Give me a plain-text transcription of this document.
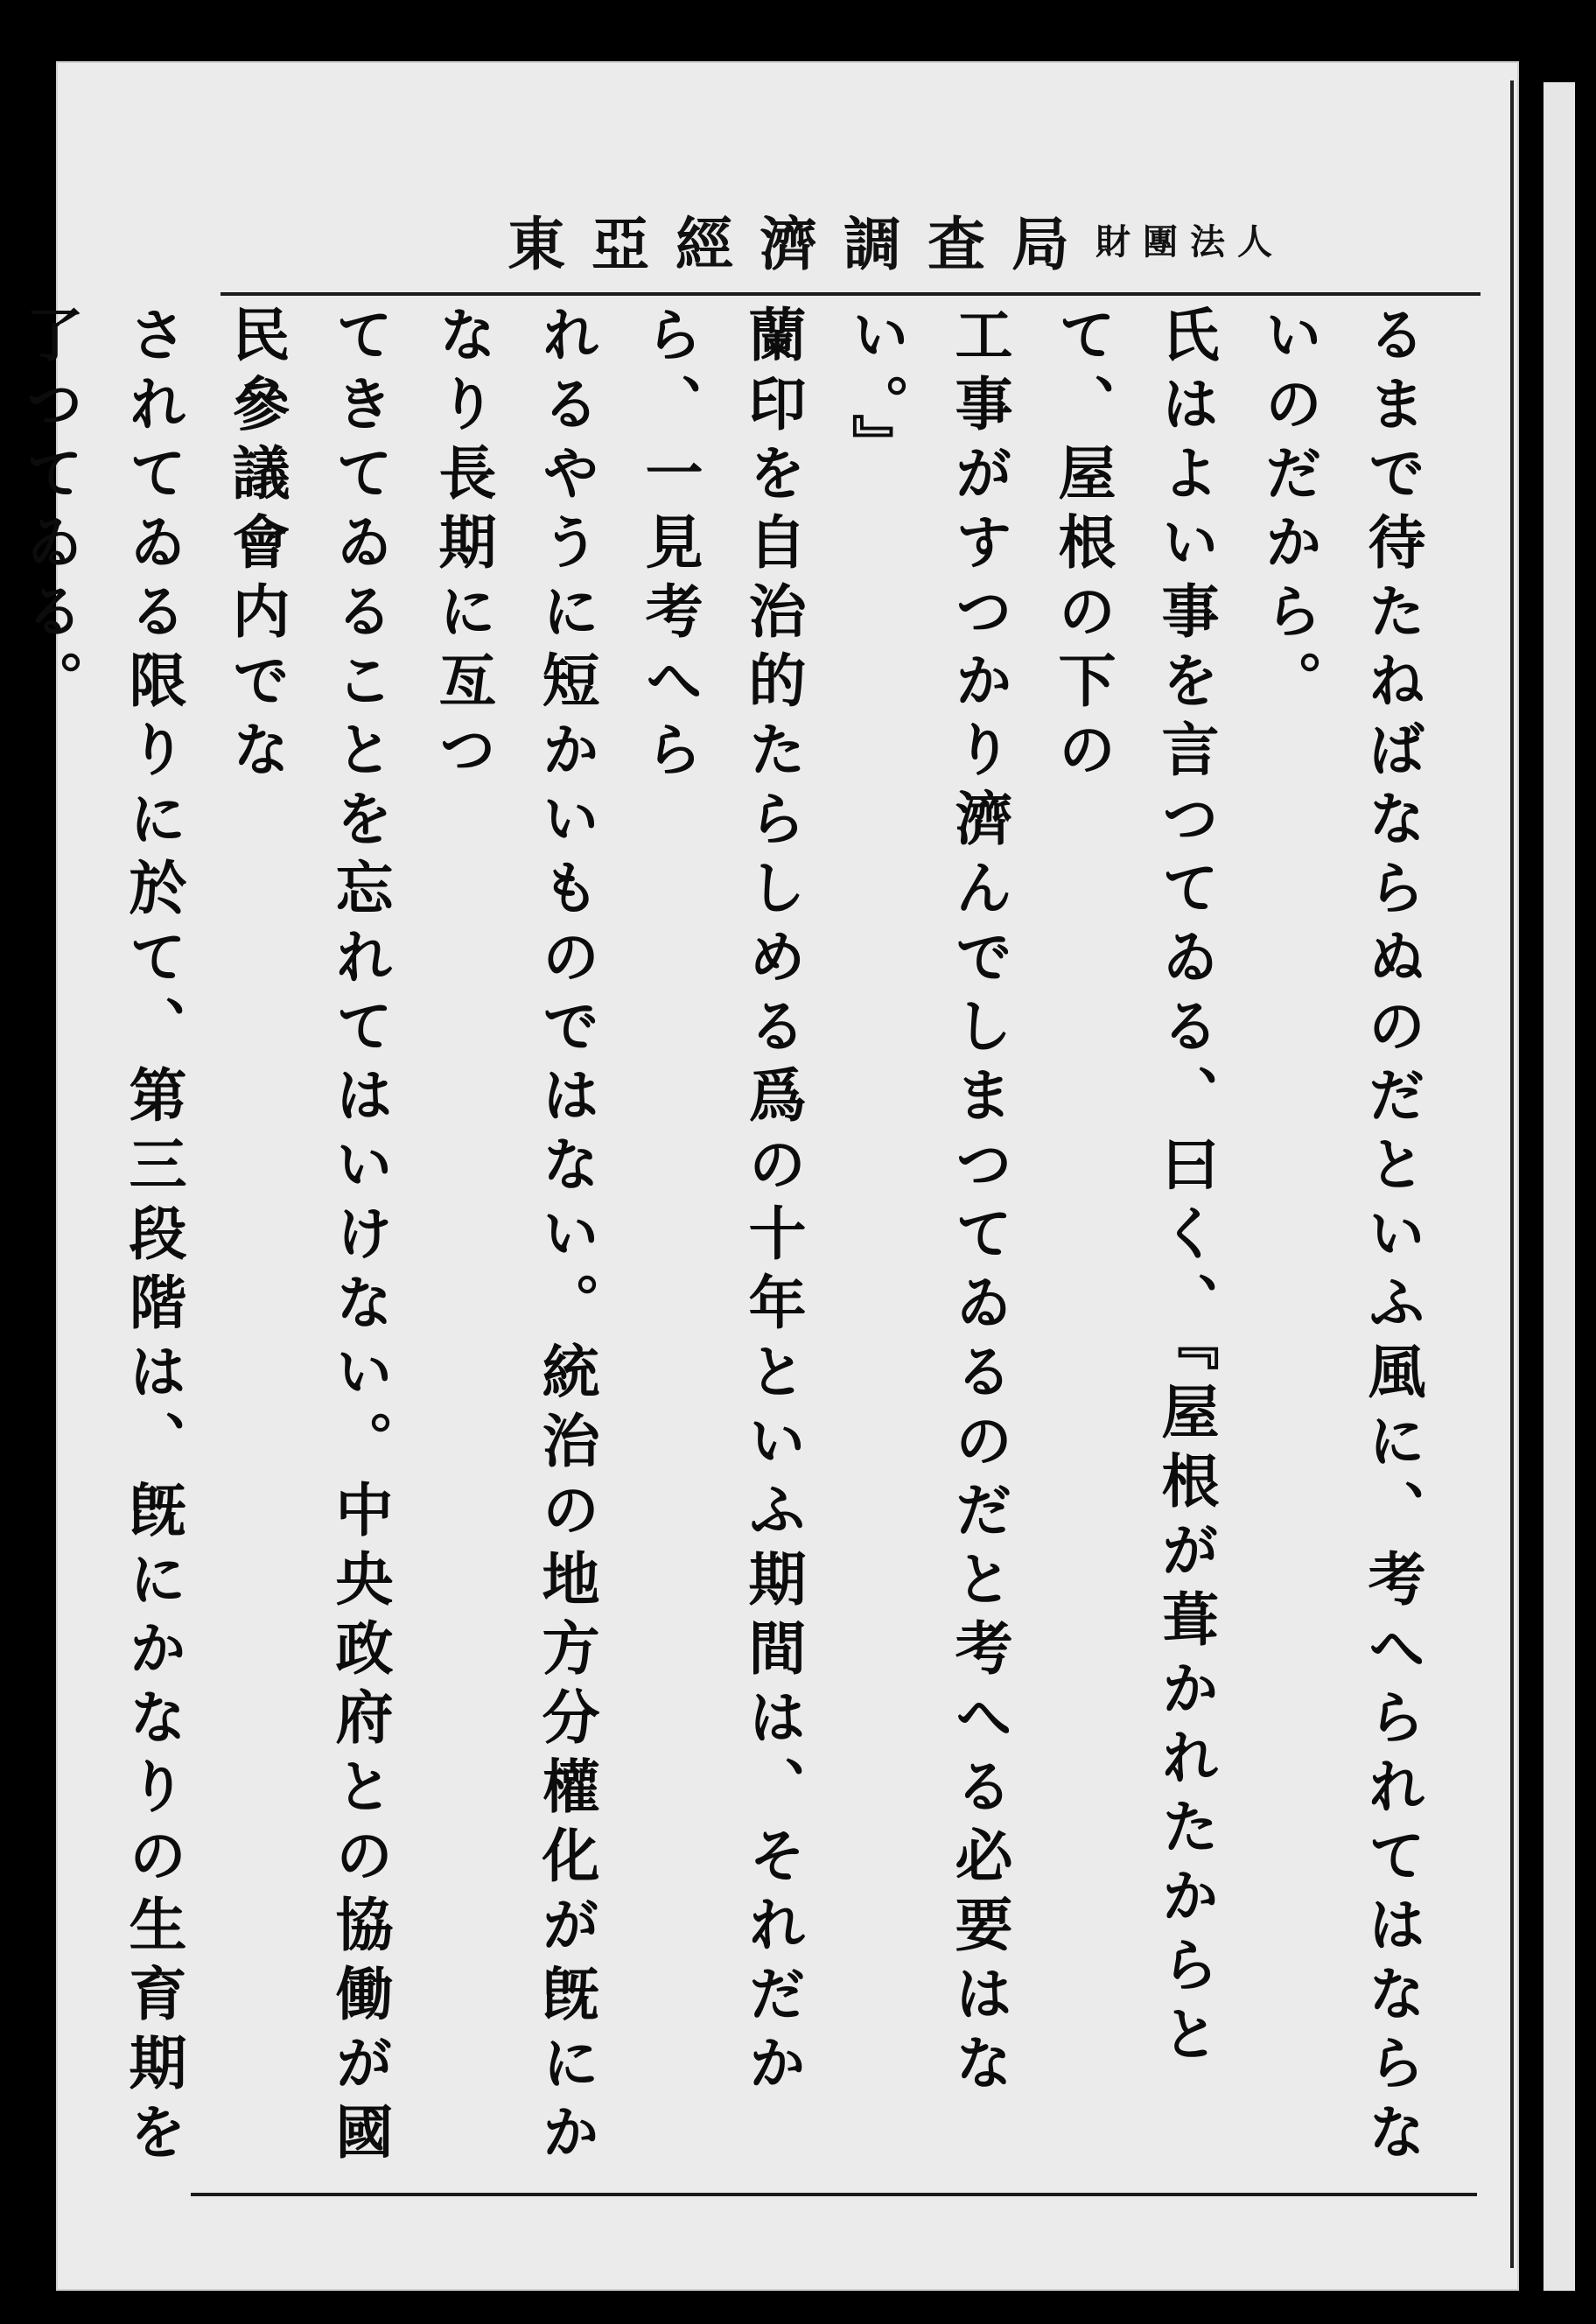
東亞經濟調査局 財團法人
るまで待たねばならぬのだといふ風に、考へられてはならないのだから。
氏はよい事を言つてゐる、曰く、『屋根が葺かれたからとて、屋根の下の
工事がすつかり濟んでしまつてゐるのだと考へる必要はない。』
蘭印を自治的たらしめる爲の十年といふ期間は、それだから、一見考へら
れるやうに短かいものではない。統治の地方分權化が旣にかなり長期に亙つ
てきてゐることを忘れてはいけない。中央政府との協働が國民參議會内でな
されてゐる限りに於て、第三段階は、旣にかなりの生育期を了つてゐる。
